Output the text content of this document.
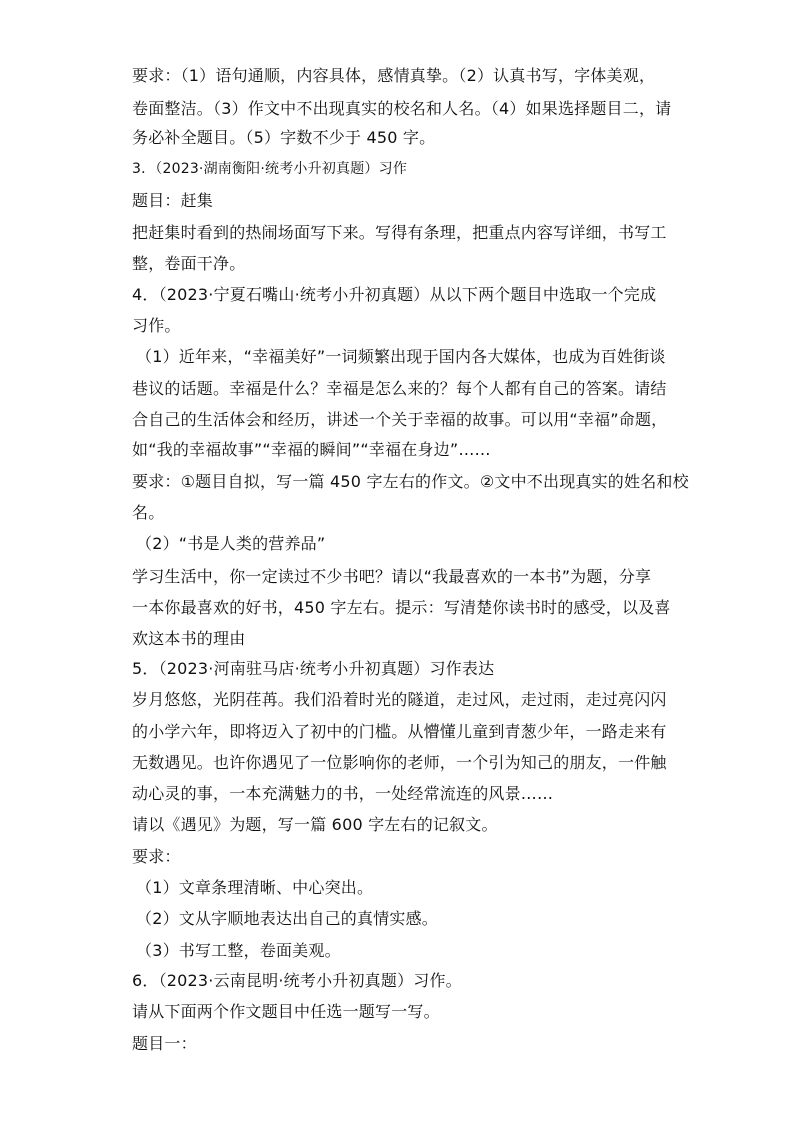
要求：（1）语句通顺，内容具体，感情真挚。（2）认真书写，字体美观，
卷面整洁。（3）作文中不出现真实的校名和人名。（4）如果选择题目二，请
务必补全题目。（5）字数不少于 450 字。
3．（2023·湖南衡阳·统考小升初真题）习作
题目：赶集
把赶集时看到的热闹场面写下来。写得有条理，把重点内容写详细，书写工
整，卷面干净。
4．（2023·宁夏石嘴山·统考小升初真题）从以下两个题目中选取一个完成
习作。
（1）近年来，“幸福美好”一词频繁出现于国内各大媒体，也成为百姓街谈
巷议的话题。幸福是什么？幸福是怎么来的？每个人都有自己的答案。请结
合自己的生活体会和经历，讲述一个关于幸福的故事。可以用“幸福”命题，
如“我的幸福故事”“幸福的瞬间”“幸福在身边”……
要求：①题目自拟，写一篇 450 字左右的作文。②文中不出现真实的姓名和校
名。
（2）“书是人类的营养品”
学习生活中，你一定读过不少书吧？请以“我最喜欢的一本书”为题，分享
一本你最喜欢的好书，450 字左右。提示：写清楚你读书时的感受，以及喜
欢这本书的理由
5．（2023·河南驻马店·统考小升初真题）习作表达
岁月悠悠，光阴荏苒。我们沿着时光的隧道，走过风，走过雨，走过亮闪闪
的小学六年，即将迈入了初中的门槛。从懵懂儿童到青葱少年，一路走来有
无数遇见。也许你遇见了一位影响你的老师，一个引为知己的朋友，一件触
动心灵的事，一本充满魅力的书，一处经常流连的风景……
请以《遇见》为题，写一篇 600 字左右的记叙文。
要求：
（1）文章条理清晰、中心突出。
（2）文从字顺地表达出自己的真情实感。
（3）书写工整，卷面美观。
6．（2023·云南昆明·统考小升初真题）习作。
请从下面两个作文题目中任选一题写一写。
题目一：
